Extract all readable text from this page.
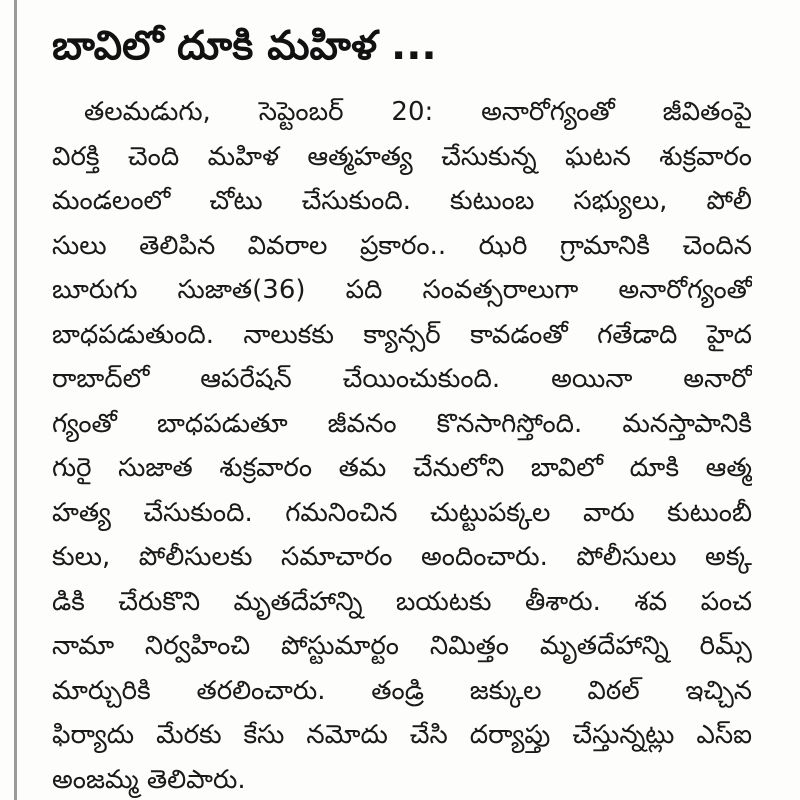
బావిలో దూకి మహిళ ...
తలమడుగు, సెప్టెంబర్ 20: అనారోగ్యంతో జీవితంపై
విరక్తి చెంది మహిళ ఆత్మహత్య చేసుకున్న ఘటన శుక్రవారం
మండలంలో చోటు చేసుకుంది. కుటుంబ సభ్యులు, పోలీ
సులు తెలిపిన వివరాల ప్రకారం.. ఝరి గ్రామానికి చెందిన
బూరుగు సుజాత(36) పది సంవత్సరాలుగా అనారోగ్యంతో
బాధపడుతుంది. నాలుకకు క్యాన్సర్ కావడంతో గతేడాది హైద
రాబాద్‌లో ఆపరేషన్ చేయించుకుంది. అయినా అనారో
గ్యంతో బాధపడుతూ జీవనం కొనసాగిస్తోంది. మనస్తాపానికి
గురై సుజాత శుక్రవారం తమ చేనులోని బావిలో దూకి ఆత్మ
హత్య చేసుకుంది. గమనించిన చుట్టుపక్కల వారు కుటుంబీ
కులు, పోలీసులకు సమాచారం అందించారు. పోలీసులు అక్క
డికి చేరుకొని మృతదేహాన్ని బయటకు తీశారు. శవ పంచ
నామా నిర్వహించి పోస్టుమార్టం నిమిత్తం మృతదేహాన్ని రిమ్స్
మార్చురికి తరలించారు. తండ్రి జక్కుల విఠల్ ఇచ్చిన
ఫిర్యాదు మేరకు కేసు నమోదు చేసి దర్యాప్తు చేస్తున్నట్లు ఎస్ఐ
అంజమ్మ తెలిపారు.
